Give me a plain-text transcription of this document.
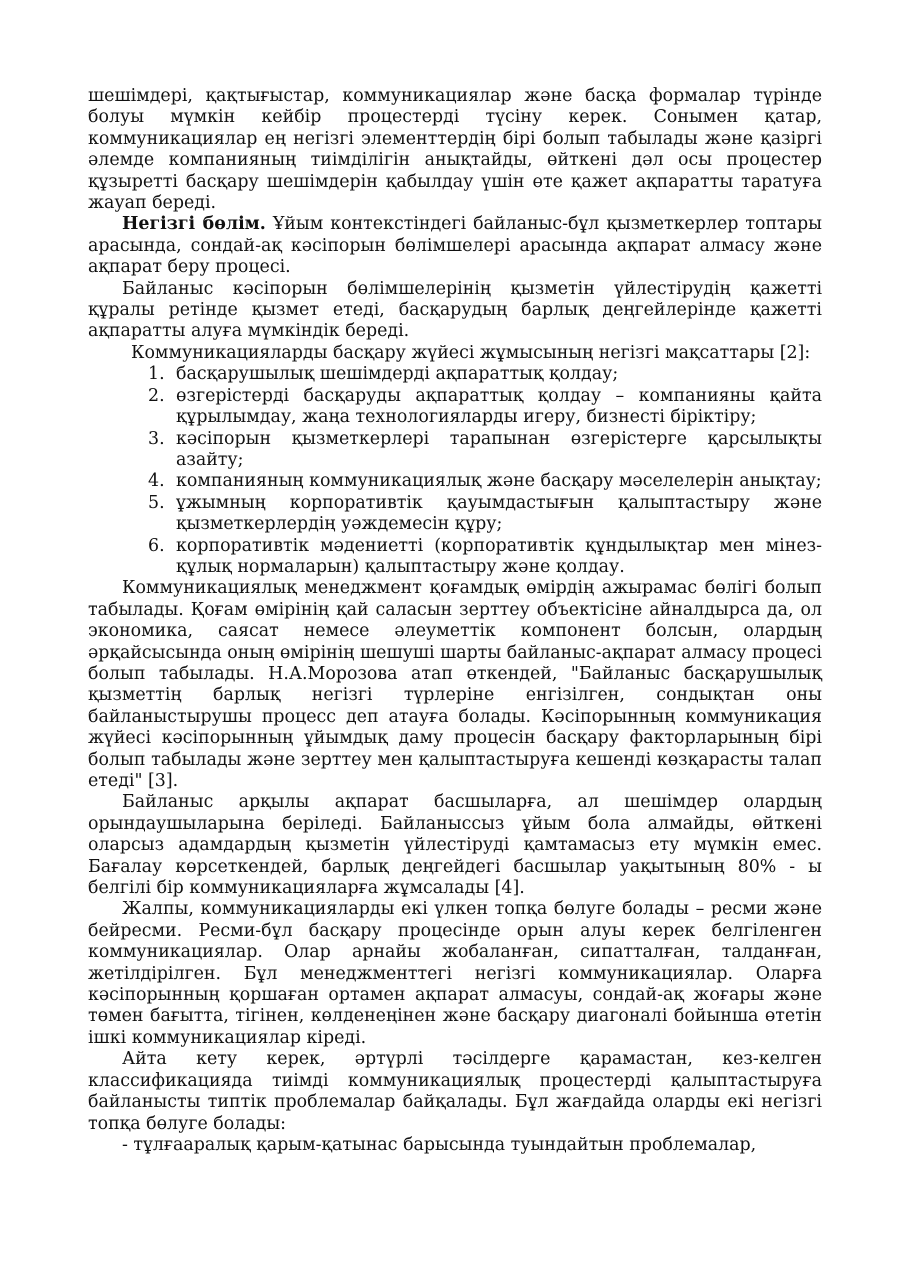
шешімдері, қақтығыстар, коммуникациялар және басқа формалар түрінде болуы мүмкін кейбір процестерді түсіну керек. Сонымен қатар, коммуникациялар ең негізгі элементтердің бірі болып табылады және қазіргі әлемде компанияның тиімділігін анықтайды, өйткені дәл осы процестер құзыретті басқару шешімдерін қабылдау үшін өте қажет ақпаратты таратуға жауап береді.

Негізгі бөлім. Ұйым контекстіндегі байланыс-бұл қызметкерлер топтары арасында, сондай-ақ кәсіпорын бөлімшелері арасында ақпарат алмасу және ақпарат беру процесі.

Байланыс кәсіпорын бөлімшелерінің қызметін үйлестірудің қажетті құралы ретінде қызмет етеді, басқарудың барлық деңгейлерінде қажетті ақпаратты алуға мүмкіндік береді.

Коммуникацияларды басқару жүйесі жұмысының негізгі мақсаттары [2]:

1. басқарушылық шешімдерді ақпараттық қолдау;
2. өзгерістерді басқаруды ақпараттық қолдау – компанияны қайта құрылымдау, жаңа технологияларды игеру, бизнесті біріктіру;
3. кәсіпорын қызметкерлері тарапынан өзгерістерге қарсылықты азайту;
4. компанияның коммуникациялық және басқару мәселелерін анықтау;
5. ұжымның корпоративтік қауымдастығын қалыптастыру және қызметкерлердің уәждемесін құру;
6. корпоративтік мәдениетті (корпоративтік құндылықтар мен мінез-құлық нормаларын) қалыптастыру және қолдау.

Коммуникациялық менеджмент қоғамдық өмірдің ажырамас бөлігі болып табылады. Қоғам өмірінің қай саласын зерттеу объектісіне айналдырса да, ол экономика, саясат немесе әлеуметтік компонент болсын, олардың әрқайсысында оның өмірінің шешуші шарты байланыс-ақпарат алмасу процесі болып табылады. Н.А.Морозова атап өткендей, "Байланыс басқарушылық қызметтің барлық негізгі түрлеріне енгізілген, сондықтан оны байланыстырушы процесс деп атауға болады. Кәсіпорынның коммуникация жүйесі кәсіпорынның ұйымдық даму процесін басқару факторларының бірі болып табылады және зерттеу мен қалыптастыруға кешенді көзқарасты талап етеді" [3].

Байланыс арқылы ақпарат басшыларға, ал шешімдер олардың орындаушыларына беріледі. Байланыссыз ұйым бола алмайды, өйткені оларсыз адамдардың қызметін үйлестіруді қамтамасыз ету мүмкін емес. Бағалау көрсеткендей, барлық деңгейдегі басшылар уақытының 80% - ы белгілі бір коммуникацияларға жұмсалады [4].

Жалпы, коммуникацияларды екі үлкен топқа бөлуге болады – ресми және бейресми. Ресми-бұл басқару процесінде орын алуы керек белгіленген коммуникациялар. Олар арнайы жобаланған, сипатталған, талданған, жетілдірілген. Бұл менеджменттегі негізгі коммуникациялар. Оларға кәсіпорынның қоршаған ортамен ақпарат алмасуы, сондай-ақ жоғары және төмен бағытта, тігінен, көлденеңінен және басқару диагоналі бойынша өтетін ішкі коммуникациялар кіреді.

Айта кету керек, әртүрлі тәсілдерге қарамастан, кез-келген классификацияда тиімді коммуникациялық процестерді қалыптастыруға байланысты типтік проблемалар байқалады. Бұл жағдайда оларды екі негізгі топқа бөлуге болады:

- тұлғааралық қарым-қатынас барысында туындайтын проблемалар,
